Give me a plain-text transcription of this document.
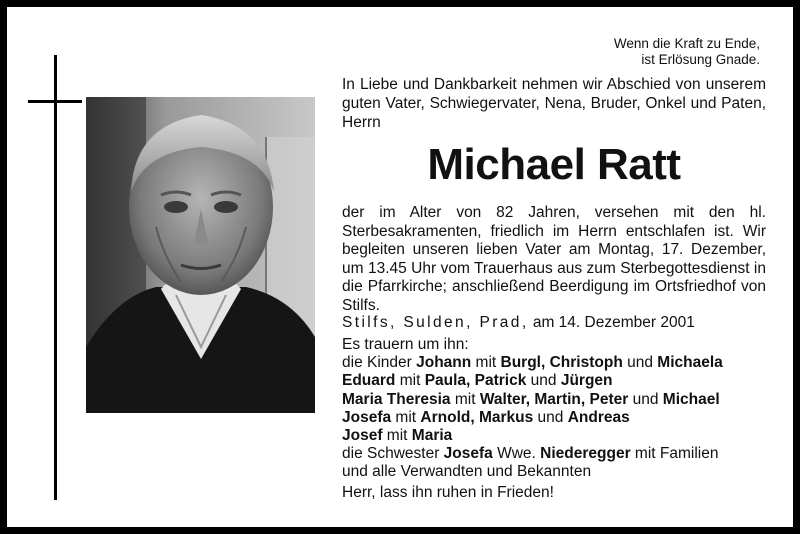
Wenn die Kraft zu Ende,
ist Erlösung Gnade.
In Liebe und Dankbarkeit nehmen wir Abschied von unserem guten Vater, Schwiegervater, Nena, Bruder, Onkel und Paten, Herrn
Michael Ratt
der im Alter von 82 Jahren, versehen mit den hl. Sterbesakramenten, friedlich im Herrn entschlafen ist. Wir begleiten unseren lieben Vater am Montag, 17. Dezember, um 13.45 Uhr vom Trauerhaus aus zum Sterbegottesdienst in die Pfarrkirche; anschließend Beerdigung im Ortsfriedhof von Stilfs.
Stilfs, Sulden, Prad, am 14. Dezember 2001
Es trauern um ihn:
die Kinder Johann mit Burgl, Christoph und Michaela
Eduard mit Paula, Patrick und Jürgen
Maria Theresia mit Walter, Martin, Peter und Michael
Josefa mit Arnold, Markus und Andreas
Josef mit Maria
die Schwester Josefa Wwe. Niederegger mit Familien
und alle Verwandten und Bekannten
Herr, lass ihn ruhen in Frieden!
